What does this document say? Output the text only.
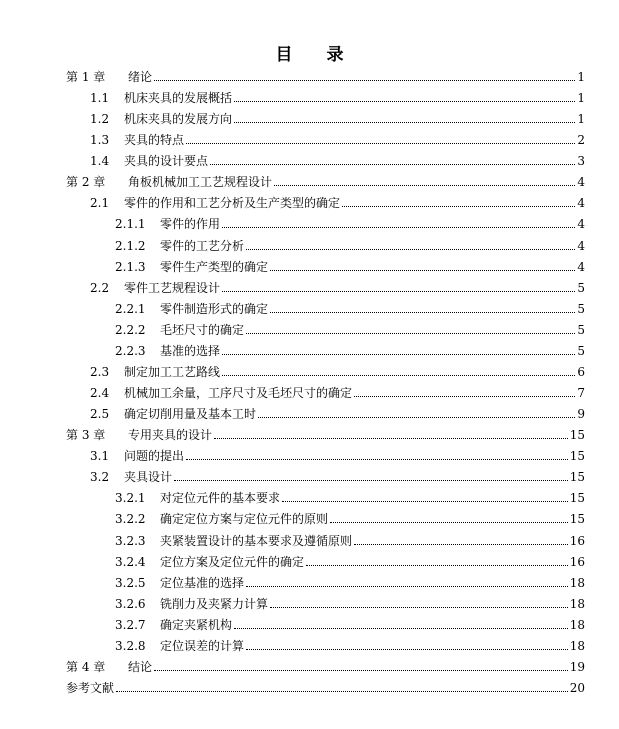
目 录
第 1 章	绪论	1
1.1	机床夹具的发展概括	1
1.2	机床夹具的发展方向	1
1.3	夹具的特点	2
1.4	夹具的设计要点	3
第 2 章	角板机械加工工艺规程设计	4
2.1	零件的作用和工艺分析及生产类型的确定	4
2.1.1	零件的作用	4
2.1.2	零件的工艺分析	4
2.1.3	零件生产类型的确定	4
2.2	零件工艺规程设计	5
2.2.1	零件制造形式的确定	5
2.2.2	毛坯尺寸的确定	5
2.2.3	基准的选择	5
2.3	制定加工工艺路线	6
2.4	机械加工余量，工序尺寸及毛坯尺寸的确定	7
2.5	确定切削用量及基本工时	9
第 3 章	专用夹具的设计	15
3.1	问题的提出	15
3.2	夹具设计	15
3.2.1	对定位元件的基本要求	15
3.2.2	确定定位方案与定位元件的原则	15
3.2.3	夹紧装置设计的基本要求及遵循原则	16
3.2.4	定位方案及定位元件的确定	16
3.2.5	定位基准的选择	18
3.2.6	铣削力及夹紧力计算	18
3.2.7	确定夹紧机构	18
3.2.8	定位误差的计算	18
第 4 章	结论	19
参考文献	20
